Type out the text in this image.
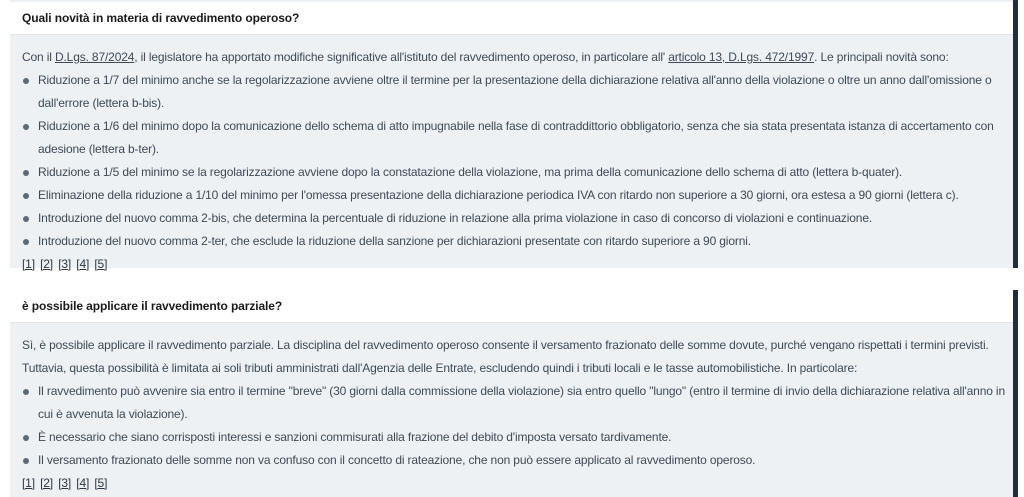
Quali novità in materia di ravvedimento operoso?

Con il D.Lgs. 87/2024, il legislatore ha apportato modifiche significative all'istituto del ravvedimento operoso, in particolare all' articolo 13, D.Lgs. 472/1997. Le principali novità sono:

Riduzione a 1/7 del minimo anche se la regolarizzazione avviene oltre il termine per la presentazione della dichiarazione relativa all'anno della violazione o oltre un anno dall'omissione o dall'errore (lettera b-bis).
Riduzione a 1/6 del minimo dopo la comunicazione dello schema di atto impugnabile nella fase di contraddittorio obbligatorio, senza che sia stata presentata istanza di accertamento con adesione (lettera b-ter).
Riduzione a 1/5 del minimo se la regolarizzazione avviene dopo la constatazione della violazione, ma prima della comunicazione dello schema di atto (lettera b-quater).
Eliminazione della riduzione a 1/10 del minimo per l'omessa presentazione della dichiarazione periodica IVA con ritardo non superiore a 30 giorni, ora estesa a 90 giorni (lettera c).
Introduzione del nuovo comma 2-bis, che determina la percentuale di riduzione in relazione alla prima violazione in caso di concorso di violazioni e continuazione.
Introduzione del nuovo comma 2-ter, che esclude la riduzione della sanzione per dichiarazioni presentate con ritardo superiore a 90 giorni.
[1] [2] [3] [4] [5]
è possibile applicare il ravvedimento parziale?

Sì, è possibile applicare il ravvedimento parziale. La disciplina del ravvedimento operoso consente il versamento frazionato delle somme dovute, purché vengano rispettati i termini previsti. Tuttavia, questa possibilità è limitata ai soli tributi amministrati dall'Agenzia delle Entrate, escludendo quindi i tributi locali e le tasse automobilistiche. In particolare:

Il ravvedimento può avvenire sia entro il termine "breve" (30 giorni dalla commissione della violazione) sia entro quello "lungo" (entro il termine di invio della dichiarazione relativa all'anno in cui è avvenuta la violazione).
È necessario che siano corrisposti interessi e sanzioni commisurati alla frazione del debito d'imposta versato tardivamente.
Il versamento frazionato delle somme non va confuso con il concetto di rateazione, che non può essere applicato al ravvedimento operoso.
[1] [2] [3] [4] [5]
